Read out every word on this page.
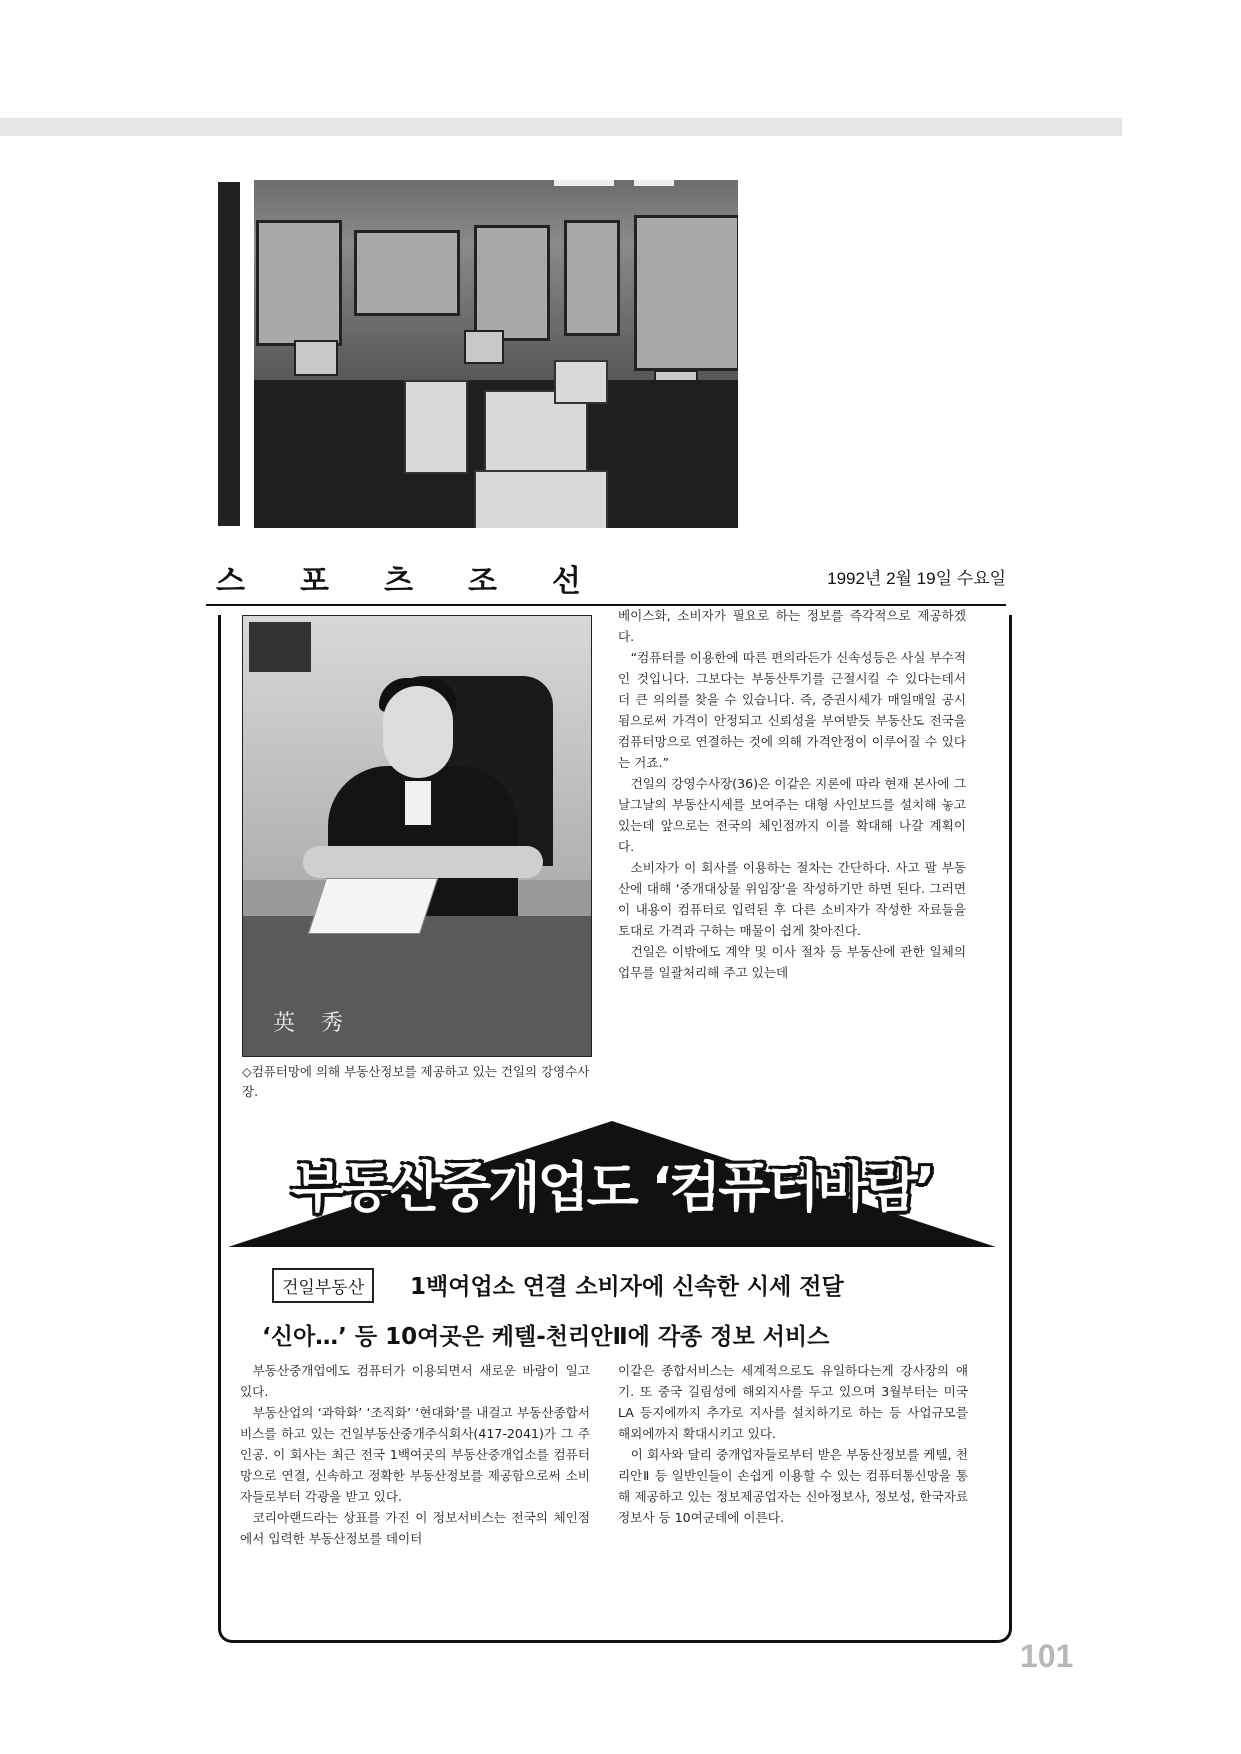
스포츠조선	1992년 2월 19일 수요일
英秀
◇컴퓨터망에 의해 부동산정보를 제공하고 있는 건일의 강영수사장.

베이스화, 소비자가 필요로 하는 정보를 즉각적으로 제공하겠다.

“컴퓨터를 이용한에 따른 편의라든가 신속성등은 사실 부수적인 것입니다. 그보다는 부동산투기를 근절시킬 수 있다는데서 더 큰 의의를 찾을 수 있습니다. 즉, 증권시세가 매일매일 공시됨으로써 가격이 안정되고 신뢰성을 부여받듯 부동산도 전국을 컴퓨터망으로 연결하는 것에 의해 가격안정이 이루어질 수 있다는 거죠.”

건일의 강영수사장(36)은 이같은 지론에 따라 현재 본사에 그날그날의 부동산시세를 보여주는 대형 사인보드를 설치해 놓고 있는데 앞으로는 전국의 체인점까지 이를 확대해 나갈 계획이다.

소비자가 이 회사를 이용하는 절차는 간단하다. 사고 팔 부동산에 대해 ‘중개대상물 위임장’을 작성하기만 하면 된다. 그러면 이 내용이 컴퓨터로 입력된 후 다른 소비자가 작성한 자료들을 토대로 가격과 구하는 매물이 쉽게 찾아진다.

건일은 이밖에도 계약 및 이사 절차 등 부동산에 관한 일체의 업무를 일괄처리해 주고 있는데

부동산중개업도 ‘컴퓨터바람’
건일부동산	1백여업소 연결 소비자에 신속한 시세 전달
‘신아…’ 등 10여곳은 케텔-천리안Ⅱ에 각종 정보 서비스

부동산중개업에도 컴퓨터가 이용되면서 새로운 바람이 일고 있다.

부동산업의 ‘과학화’ ‘조직화’ ‘현대화’를 내걸고 부동산종합서비스를 하고 있는 건일부동산중개주식회사(417-2041)가 그 주인공. 이 회사는 최근 전국 1백여곳의 부동산중개업소를 컴퓨터망으로 연결, 신속하고 정확한 부동산정보를 제공함으로써 소비자들로부터 각광을 받고 있다.

코리아랜드라는 상표를 가진 이 정보서비스는 전국의 체인점에서 입력한 부동산정보를 데이터

이같은 종합서비스는 세계적으로도 유일하다는게 강사장의 얘기. 또 중국 길림성에 해외지사를 두고 있으며 3월부터는 미국 LA 등지에까지 추가로 지사를 설치하기로 하는 등 사업규모를 해외에까지 확대시키고 있다.

이 회사와 달리 중개업자들로부터 받은 부동산정보를 케텔, 천리안Ⅱ 등 일반인들이 손쉽게 이용할 수 있는 컴퓨터통신망을 통해 제공하고 있는 정보제공업자는 신아정보사, 정보성, 한국자료정보사 등 10여군데에 이른다.

101
